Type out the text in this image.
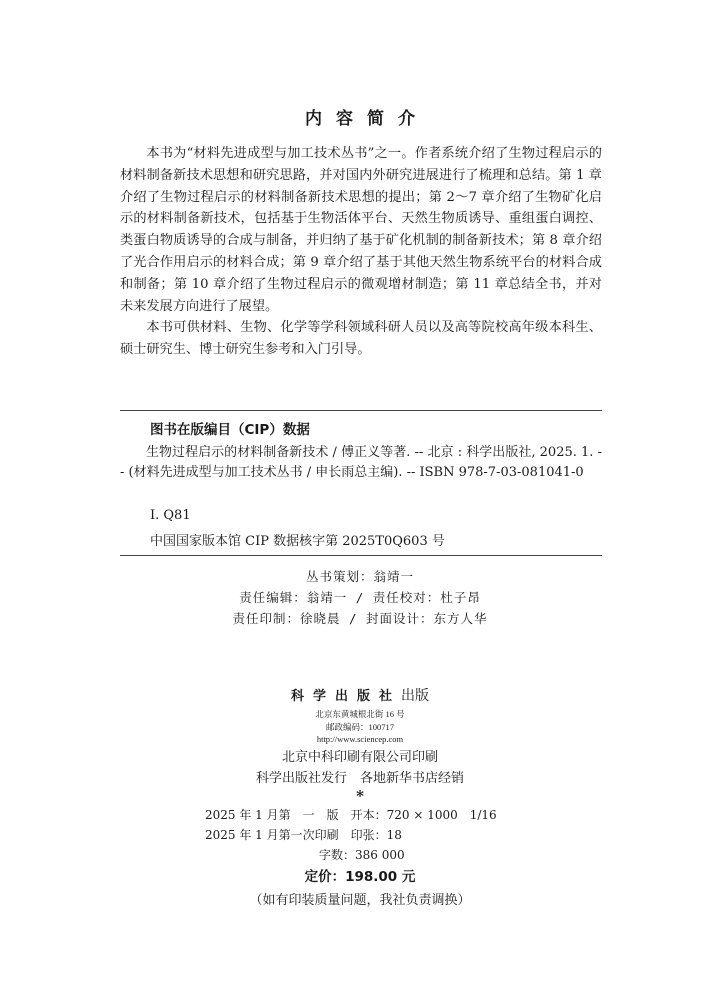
内容简介

本书为“材料先进成型与加工技术丛书”之一。作者系统介绍了生物过程启示的材料制备新技术思想和研究思路，并对国内外研究进展进行了梳理和总结。第 1 章介绍了生物过程启示的材料制备新技术思想的提出；第 2～7 章介绍了生物矿化启示的材料制备新技术，包括基于生物活体平台、天然生物质诱导、重组蛋白调控、类蛋白物质诱导的合成与制备，并归纳了基于矿化机制的制备新技术；第 8 章介绍了光合作用启示的材料合成；第 9 章介绍了基于其他天然生物系统平台的材料合成和制备；第 10 章介绍了生物过程启示的微观增材制造；第 11 章总结全书，并对未来发展方向进行了展望。

本书可供材料、生物、化学等学科领域科研人员以及高等院校高年级本科生、硕士研究生、博士研究生参考和入门引导。

图书在版编目（CIP）数据

生物过程启示的材料制备新技术 / 傅正义等著. -- 北京 : 科学出版社, 2025. 1. -- (材料先进成型与加工技术丛书 / 申长雨总主编). -- ISBN 978-7-03-081041-0

Ⅰ. Q81
中国国家版本馆 CIP 数据核字第 2025T0Q603 号
丛书策划：翁靖一
责任编辑：翁靖一 / 责任校对：杜子昂
责任印制：徐晓晨 / 封面设计：东方人华
科学出版社出版
北京东黄城根北街 16 号
邮政编码：100717
http://www.sciencep.com
北京中科印刷有限公司印刷
科学出版社发行　各地新华书店经销
*
2025 年 1 月第　一　版　开本：720 × 1000　1/16
2025 年 1 月第一次印刷　印张：18
字数：386 000
定价：198.00 元
（如有印装质量问题，我社负责调换）
